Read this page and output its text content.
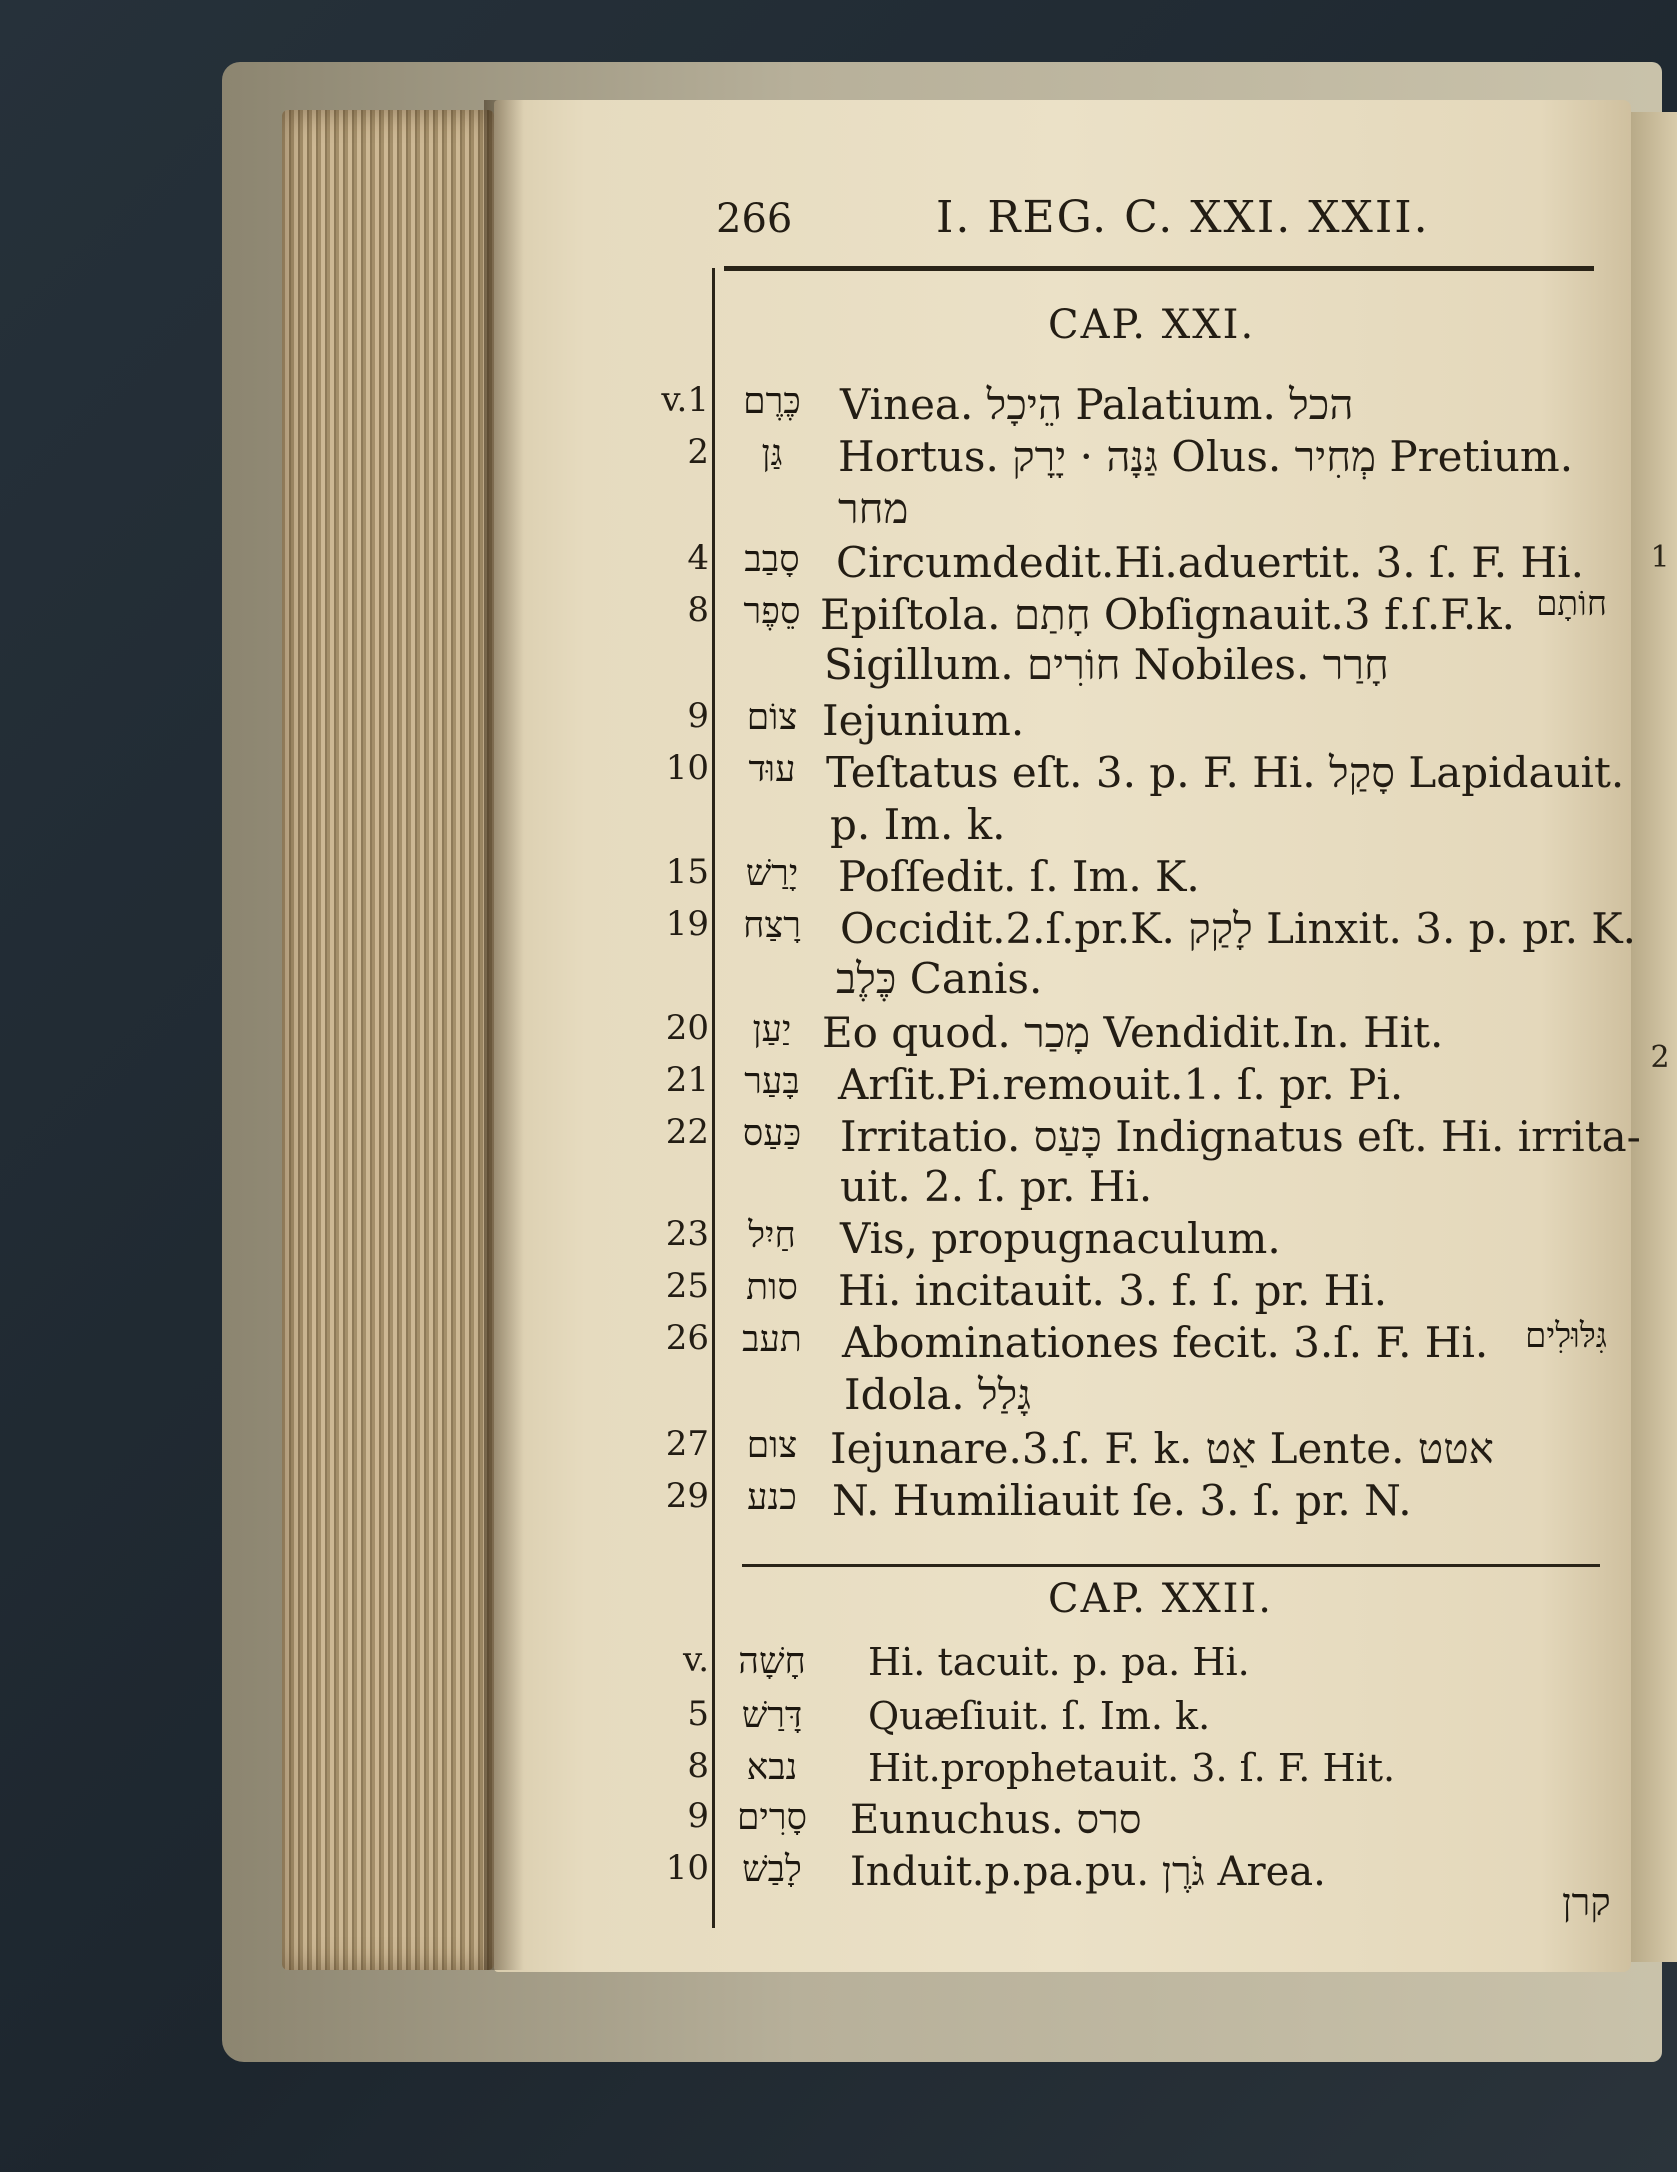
1
2
266	I. REG. C. XXI. XXII.
CAP. XXI.
v.1 כֶּרֶם Vinea. הֵיכָל Palatium. הכל
2	גַּן	Hortus. גַּנָּה · יָרָק Olus. מְחִיר Pretium.
מחר
4 סָבַב Circumdedit.Hi.aduertit. 3. ſ. F. Hi.
8 סֵפֶר Epiſtola. חָתַם Obſignauit.3 f.ſ.F.k. חוֹתָם
Sigillum. חוֹרִים Nobiles. חָרַר
9	צוֹם Iejunium.
10	עוּד Teſtatus eſt. 3. p. F. Hi. סָקַל Lapidauit.
p. Im. k.
15	יָרַשׁ Poſſedit. ſ. Im. K.
19 רָצַח Occidit.2.ſ.pr.K. לָקַק Linxit. 3. p. pr. K.
כֶּלֶב Canis.
20	יַעַן Eo quod. מָכַר Vendidit.In. Hit.
21 בָּעַר Arſit.Pi.remouit.1. ſ. pr. Pi.
22 כַּעַס Irritatio. כָּעַס Indignatus eſt. Hi. irrita-
uit. 2. ſ. pr. Hi.
23	חַיִל	Vis, propugnaculum.
25	סות Hi. incitauit. 3. f. ſ. pr. Hi.
26 תעב Abominationes fecit. 3.ſ. F. Hi. גִּלּוּלִים
Idola. גָּלַל
27	צום Iejunare.3.ſ. F. k. אַט Lente. אטט
29	כנע N. Humiliauit ſe. 3. ſ. pr. N.
CAP. XXII.
v. חָשָׁה	Hi. tacuit. p. pa. Hi.
5 דָּרַשׁ	Quæſiuit. ſ. Im. k.
8	נבא	Hit.prophetauit. 3. ſ. F. Hit.
9 סָרִים	Eunuchus. סרס
10 לָבַשׁ	Induit.p.pa.pu. גֹּרֶן Area.
קרן
